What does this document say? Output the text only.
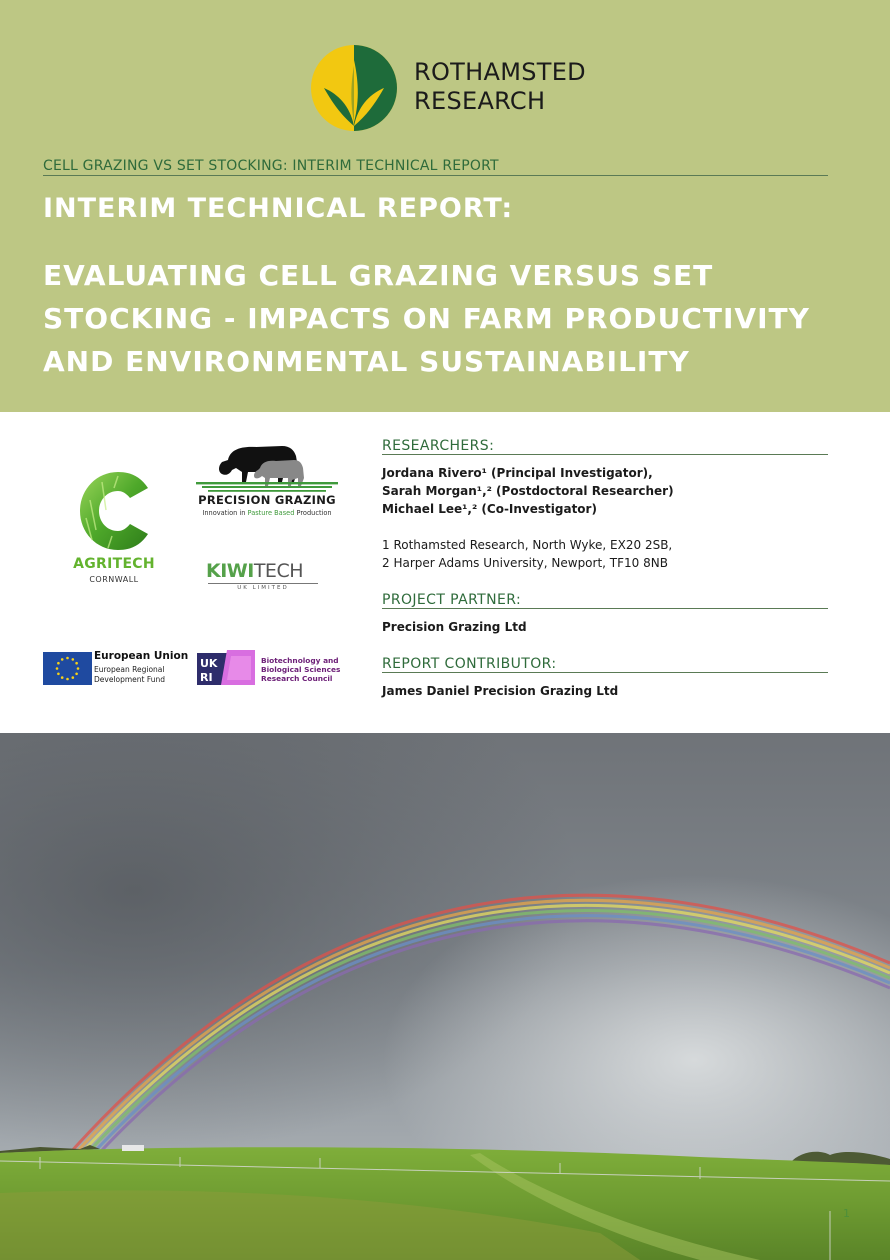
ROTHAMSTED
RESEARCH
CELL GRAZING VS SET STOCKING: INTERIM TECHNICAL REPORT
INTERIM TECHNICAL REPORT:
EVALUATING CELL GRAZING VERSUS SET
STOCKING - IMPACTS ON FARM PRODUCTIVITY
AND ENVIRONMENTAL SUSTAINABILITY
AGRITECH
CORNWALL
PRECISION GRAZING
Innovation in Pasture Based Production
KIWITECH
UK LIMITED
European Union
European Regional
Development Fund
UK
RI
Biotechnology and
Biological Sciences
Research Council
RESEARCHERS:
Jordana Rivero¹ (Principal Investigator),
Sarah Morgan¹,² (Postdoctoral Researcher)
Michael Lee¹,² (Co-Investigator)
1 Rothamsted Research, North Wyke, EX20 2SB,
2 Harper Adams University, Newport, TF10 8NB
PROJECT PARTNER:
Precision Grazing Ltd
REPORT CONTRIBUTOR:
James Daniel Precision Grazing Ltd
1
